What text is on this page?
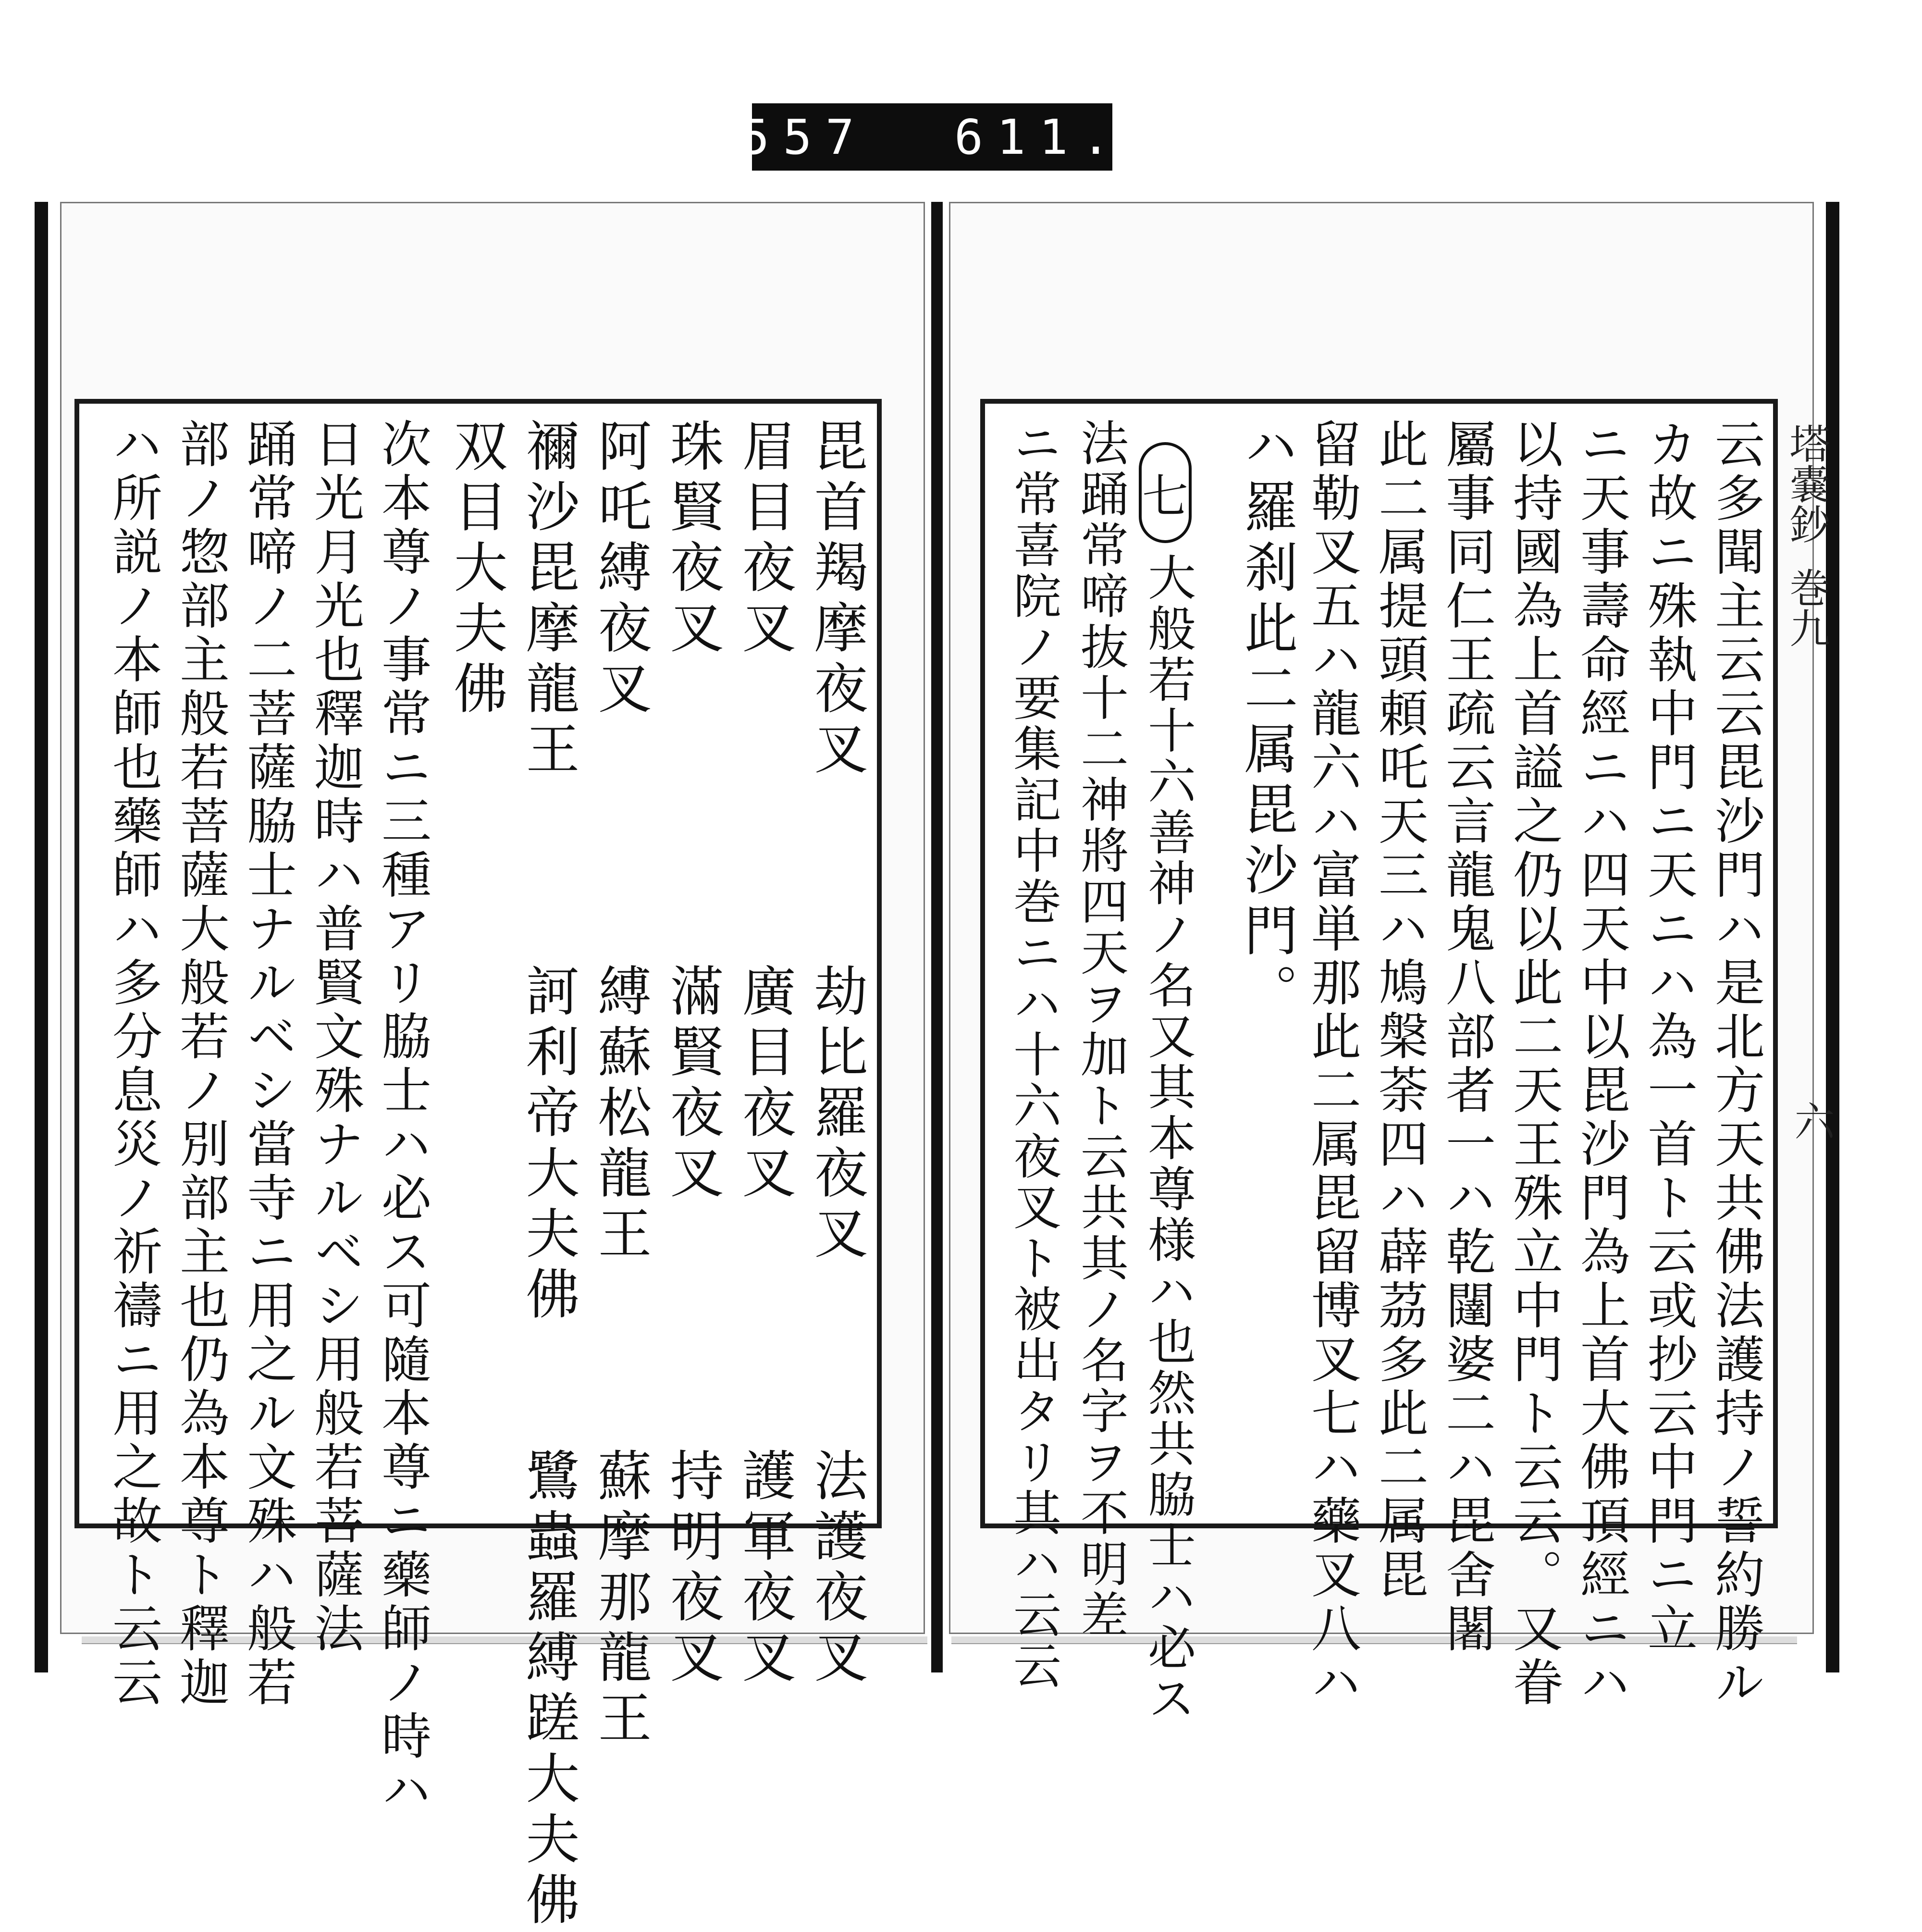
557 611.
毘首羯摩夜叉　　　劫比羅夜叉　　　法護夜叉
眉目夜叉　　　　　廣目夜叉　　　　護軍夜叉
珠賢夜叉　　　　　滿賢夜叉　　　　持明夜叉
阿吒縛夜叉　　　　縛蘇松龍王　　　蘇摩那龍王
禰沙毘摩龍王　　　訶利帝大夫佛　　鷺蟲羅縛蹉大夫佛
双目大夫佛
次本尊ノ事常ニ三種アリ脇士ハ必ス可隨本尊ニ藥師ノ時ハ
日光月光也釋迦時ハ普賢文殊ナルベシ用般若菩薩法
踊常啼ノ二菩薩脇士ナルベシ當寺ニ用之ル文殊ハ般若
部ノ惣部主般若菩薩大般若ノ別部主也仍為本尊ト釋迦
ハ所説ノ本師也藥師ハ多分息災ノ祈禱ニ用之故ト云云	云多聞主云云毘沙門ハ是北方天共佛法護持ノ誓約勝ル
カ故ニ殊執中門ニ天ニハ為一首ト云或抄云中門ニ立
ニ天事壽命經ニハ四天中以毘沙門為上首大佛頂經ニハ
以持國為上首謚之仍以此二天王殊立中門ト云云。又眷
屬事同仁王疏云言龍鬼八部者一ハ乾闥婆二ハ毘舍闍
此二属提頭頼吒天三ハ鳩槃荼四ハ薜茘多此二属毘
留勒叉五ハ龍六ハ富単那此二属毘留博叉七ハ藥叉八ハ
ハ羅刹此二属毘沙門。
七
大般若十六善神ノ名又其本尊様ハ也然共脇士ハ必ス
法踊常啼抜十二神將四天ヲ加ト云共其ノ名字ヲ不明差
ニ常喜院ノ要集記中巻ニハ十六夜叉ト被出タリ其ハ云云	塔嚢鈔
巻九
六
